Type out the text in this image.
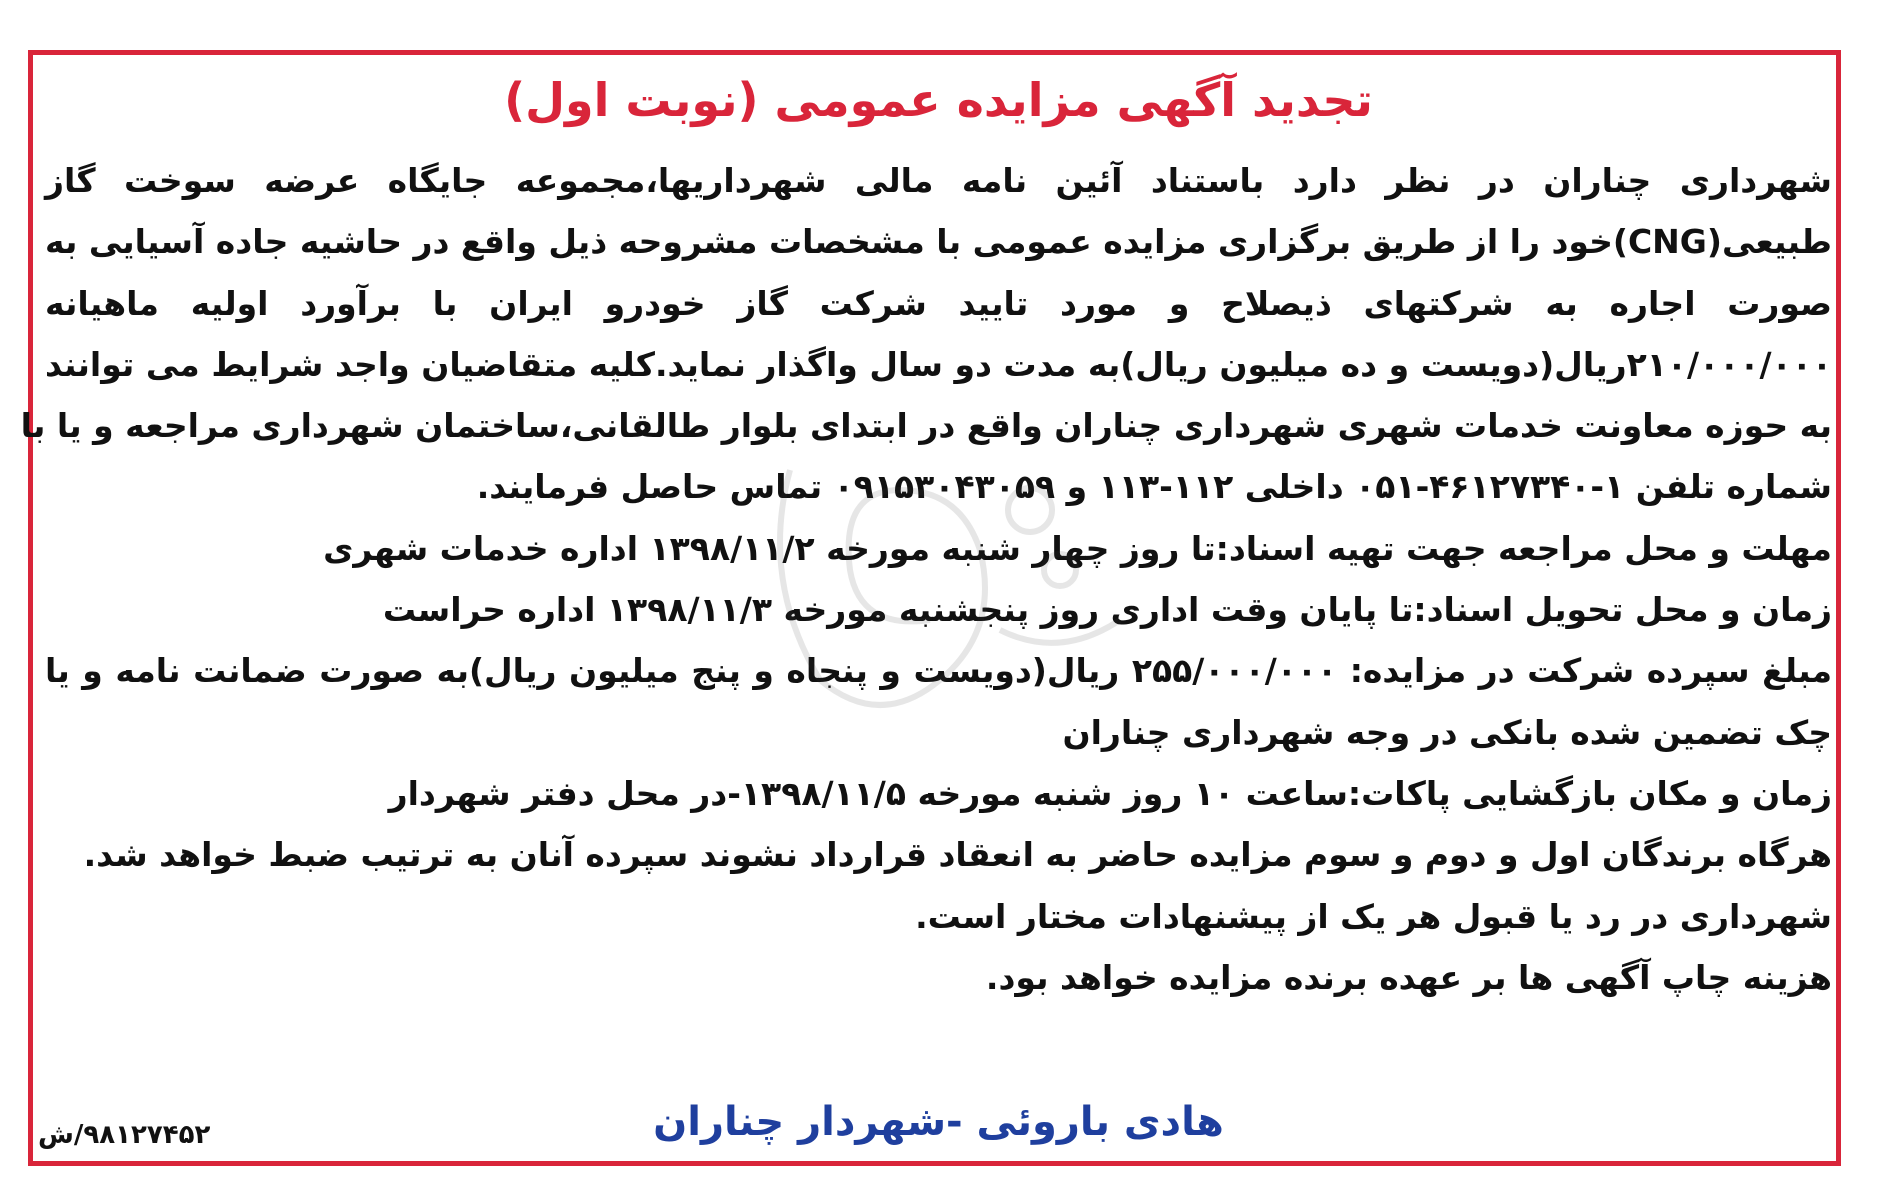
تجدید آگهی مزایده عمومی (نوبت اول)
شهرداری چناران در نظر دارد باستناد آئین نامه مالی شهرداریها،مجموعه جایگاه عرضه سوخت گاز
طبیعی(CNG)خود را از طریق برگزاری مزایده عمومی با مشخصات مشروحه ذیل واقع در حاشیه جاده آسیایی به
صورت اجاره به شرکتهای ذیصلاح و مورد تایید شرکت گاز خودرو ایران با برآورد اولیه ماهیانه
۲۱۰/۰۰۰/۰۰۰ریال(دویست و ده میلیون ریال)به مدت دو سال واگذار نماید.کلیه متقاضیان واجد شرایط می توانند
به حوزه معاونت خدمات شهری شهرداری چناران واقع در ابتدای بلوار طالقانی،ساختمان شهرداری مراجعه و یا با
شماره تلفن ۱-۴۶۱۲۷۳۴۰-۰۵۱ داخلی ۱۱۲-۱۱۳ و ۰۹۱۵۳۰۴۳۰۵۹ تماس حاصل فرمایند.
مهلت و محل مراجعه جهت تهیه اسناد:تا روز چهار شنبه مورخه ۱۳۹۸/۱۱/۲ اداره خدمات شهری
زمان و محل تحویل اسناد:تا پایان وقت اداری روز پنجشنبه مورخه ۱۳۹۸/۱۱/۳ اداره حراست
مبلغ سپرده شرکت در مزایده: ۲۵۵/۰۰۰/۰۰۰ ریال(دویست و پنجاه و پنج میلیون ریال)به صورت ضمانت نامه و یا
چک تضمین شده بانکی در وجه شهرداری چناران
زمان و مکان بازگشایی پاکات:ساعت ۱۰ روز شنبه مورخه ۱۳۹۸/۱۱/۵-در محل دفتر شهردار
هرگاه برندگان اول و دوم و سوم مزایده حاضر به انعقاد قرارداد نشوند سپرده آنان به ترتیب ضبط خواهد شد.
شهرداری در رد یا قبول هر یک از پیشنهادات مختار است.
هزینه چاپ آگهی ها بر عهده برنده مزایده خواهد بود.
هادی باروئی -شهردار چناران
۹۸۱۲۷۴۵۲/ش
